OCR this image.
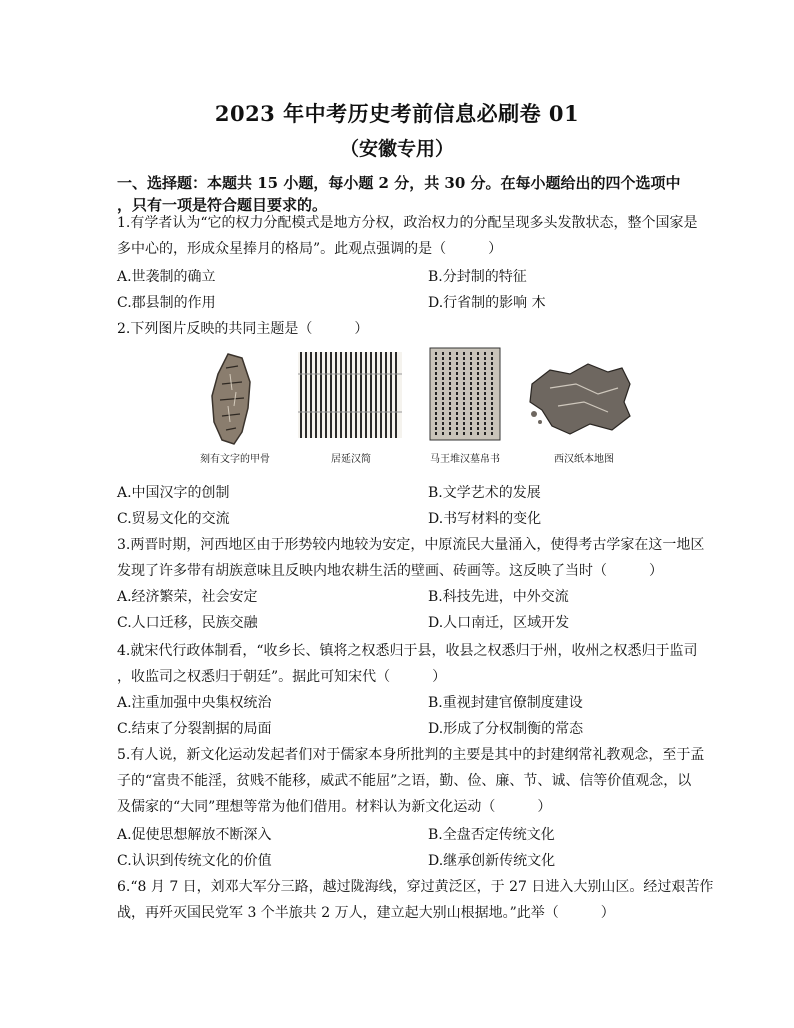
2023 年中考历史考前信息必刷卷 01
（安徽专用）
一、选择题：本题共 15 小题，每小题 2 分，共 30 分。在每小题给出的四个选项中
，只有一项是符合题目要求的。
1.有学者认为“它的权力分配模式是地方分权，政治权力的分配呈现多头发散状态，整个国家是
多中心的，形成众星捧月的格局”。此观点强调的是（　　　）
A.世袭制的确立	B.分封制的特征
C.郡县制的作用	D.行省制的影响 木
2.下列图片反映的共同主题是（　　　）
刻有文字的甲骨	居延汉简	马王堆汉墓帛书	西汉纸本地图
A.中国汉字的创制	B.文学艺术的发展
C.贸易文化的交流	D.书写材料的变化
3.两晋时期，河西地区由于形势较内地较为安定，中原流民大量涌入，使得考古学家在这一地区
发现了许多带有胡族意味且反映内地农耕生活的壁画、砖画等。这反映了当时（　　　）
A.经济繁荣，社会安定	B.科技先进，中外交流
C.人口迁移，民族交融	D.人口南迁，区域开发
4.就宋代行政体制看，“收乡长、镇将之权悉归于县，收县之权悉归于州，收州之权悉归于监司
，收监司之权悉归于朝廷”。据此可知宋代（　　　）
A.注重加强中央集权统治	B.重视封建官僚制度建设
C.结束了分裂割据的局面	D.形成了分权制衡的常态
5.有人说，新文化运动发起者们对于儒家本身所批判的主要是其中的封建纲常礼教观念，至于孟
子的“富贵不能淫，贫贱不能移，威武不能屈”之语，勤、俭、廉、节、诚、信等价值观念，以
及儒家的“大同”理想等常为他们借用。材料认为新文化运动（　　　）
A.促使思想解放不断深入	B.全盘否定传统文化
C.认识到传统文化的价值	D.继承创新传统文化
6.“8 月 7 日，刘邓大军分三路，越过陇海线，穿过黄泛区，于 27 日进入大别山区。经过艰苦作
战，再歼灭国民党军 3 个半旅共 2 万人，建立起大别山根据地。”此举（　　　）
